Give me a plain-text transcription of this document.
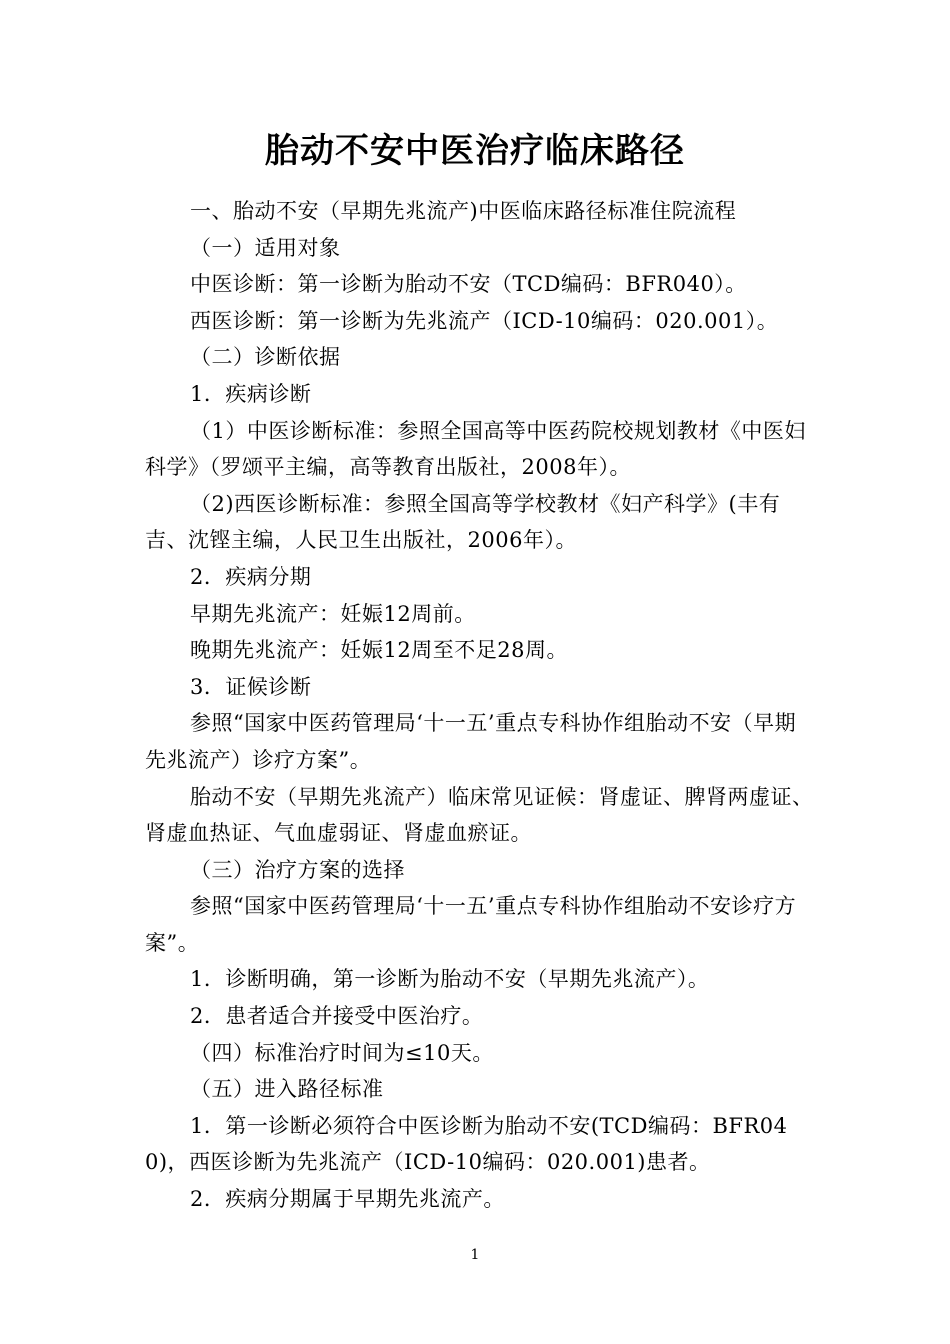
胎动不安中医治疗临床路径

一、胎动不安（早期先兆流产)中医临床路径标准住院流程

（一）适用对象

中医诊断：第一诊断为胎动不安（TCD编码：BFR040）。

西医诊断：第一诊断为先兆流产（ICD-10编码：020.001）。

（二）诊断依据

1．疾病诊断

（1）中医诊断标准：参照全国高等中医药院校规划教材《中医妇科学》（罗颂平主编，高等教育出版社，2008年）。

（2)西医诊断标准：参照全国高等学校教材《妇产科学》(丰有吉、沈铿主编，人民卫生出版社，2006年）。

2．疾病分期

早期先兆流产：妊娠12周前。

晚期先兆流产：妊娠12周至不足28周。

3．证候诊断

参照“国家中医药管理局‘十一五’重点专科协作组胎动不安（早期先兆流产）诊疗方案”。

胎动不安（早期先兆流产）临床常见证候：肾虚证、脾肾两虚证、肾虚血热证、气血虚弱证、肾虚血瘀证。

（三）治疗方案的选择

参照“国家中医药管理局‘十一五’重点专科协作组胎动不安诊疗方案”。

1．诊断明确，第一诊断为胎动不安（早期先兆流产）。

2．患者适合并接受中医治疗。

（四）标准治疗时间为≤10天。

（五）进入路径标准

1．第一诊断必须符合中医诊断为胎动不安(TCD编码：BFR040)，西医诊断为先兆流产（ICD-10编码：020.001)患者。

2．疾病分期属于早期先兆流产。

1
